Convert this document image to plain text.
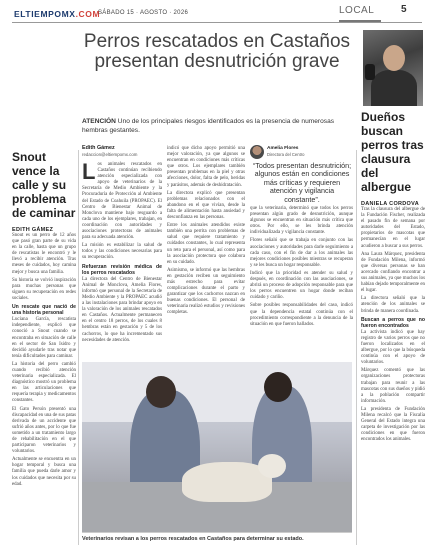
ELTIEMPOMX.COM
SÁBADO 15 · AGOSTO · 2026	LOCAL	5
Perros rescatados en Castaños presentan desnutrición grave
ATENCIÓN Uno de los principales riesgos identificados es la presencia de numerosas hembras gestantes.
Snout vence la calle y su problema de caminar
EDITH GÁMEZ

Snout es un perro de 12 años que pasó gran parte de su vida en la calle, hasta que un grupo de rescatistas le encontró y le llevó a recibir atención. Tras meses de cuidados, hoy camina mejor y busca una familia.

Su historia se volvió inspiración para muchas personas que siguen su recuperación en redes sociales.

Un rescate que nació de una historia personal

Luciana García, rescatista independiente, explicó que conoció a Snout cuando se encontraba en situación de calle en el sector de San Isidro y decidió ayudarle tras notar que tenía dificultades para caminar.

La historia del perro cambió cuando recibió atención veterinaria especializada. El diagnóstico mostró un problema en las articulaciones que requería terapia y medicamentos constantes.

El Gato Persón presentó una discapacidad en una de sus patas derivada de un accidente que sufrió años antes, por lo que fue sometido a un tratamiento largo de rehabilitación en el que participaron veterinarios y voluntarios.

Actualmente se encuentra en un hogar temporal y busca una familia que pueda darle amor y los cuidados que necesita por su edad.

Edith Gámez
redaccion@eltiempomx.com

Los animales rescatados en Castaños continúan recibiendo atención especializada con apoyo de veterinarios de la Secretaría de Medio Ambiente y la Procuraduría de Protección al Ambiente del Estado de Coahuila (PROPAEC). El Centro de Bienestar Animal de Monclova mantiene bajo resguardo a cada uno de los ejemplares, trabajan, en coordinación con autoridades y asociaciones protectoras de animales para su adecuada atención.

La misión es estabilizar la salud de todos y las condiciones necesarias para su recuperación.

Refuerzan revisión médica de los perros rescatados

La directora del Centro de Bienestar Animal de Monclova, Amelia Flores, informó que personal de la Secretaría de Medio Ambiente y la PROPAEC acudió a las instalaciones para brindar apoyo en la valoración de los animales rescatados en Castaños. Actualmente permanecen en el centro 18 perros, de los cuales 8 hembras están en gestación y 5 de los cachorros, lo que ha incrementado sus necesidades de atención.

indicó que dicho apoyo permitió una mejor valoración, ya que algunos se encuentran en condiciones más críticas que otros. Los ejemplares también presentan problemas en la piel y otras afecciones, dolor, falta de pelo, heridas y parásitos, además de deshidratación.

La directora explicó que presentan problemas relacionados con el abandono en el que vivían, desde la falta de alimentación hasta ansiedad y desconfianza en las personas.

Entre los animales atendidos existe también una perrita con problemas de salud que requiere tratamiento y cuidados constantes, lo cual representa un reto para el personal, así como para la asociación protectora que colabora en su cuidado.

Asimismo, se informó que las hembras en gestación reciben un seguimiento más estrecho para evitar complicaciones durante el parto y garantizar que los cachorros nazcan en buenas condiciones. El personal de veterinaria realizó estudios y revisiones completas.

Amelia Flores
Directora del Centro
“Todos presentan desnutrición; algunos están en condiciones más críticas y requieren atención y vigilancia constante”.

que la veterinaria, determinó que todos los perros presentan algún grado de desnutrición, aunque algunos se encuentran en situación más crítica que otros. Por ello, se les brinda atención individualizada y vigilancia constante.

Flores señaló que se trabaja en conjunto con las asociaciones y autoridades para darle seguimiento a cada caso, con el fin de dar a los animales las mejores condiciones posibles mientras se recuperan y se les busca un hogar responsable.

Indicó que la prioridad es atender su salud y después, en coordinación con las asociaciones, se abrirá un proceso de adopción responsable para que los perros encuentren un hogar donde reciban cuidado y cariño.

Sobre posibles responsabilidades del caso, indicó que la dependencia estatal continúa con el procedimiento correspondiente a la denuncia de la situación en que fueron hallados.

Veterinarios revisan a los perros rescatados en Castaños para determinar su estado.
Dueños buscan perros tras clausura del albergue
DANIELA CORDOVA

Tras la clausura del albergue de la Fundación Fischer, realizada el pasado fin de semana por autoridades del Estado, propietarios de mascotas que permanecían en el lugar acudieron a buscar a sus perros.

Ana Laura Márquez, presidenta de Fundación Milena, informó que diversas personas se han acercado confiando encontrar a sus animales, ya que muchos los habían dejado temporalmente en el lugar.

La directora señaló que la atención de los animales se brinda de manera coordinada.

Buscan a perros que no fueron encontrados

La activista indicó que hay registro de varios perros que no fueron localizados en el albergue, por lo que la búsqueda continúa con el apoyo de voluntarios.

Márquez comentó que las organizaciones protectoras trabajan para reunir a las mascotas con sus dueños y pidió a la población compartir información.

La presidenta de Fundación Milena recalcó que la Fiscalía General del Estado integra una carpeta de investigación por las condiciones en que fueron encontrados los animales.
